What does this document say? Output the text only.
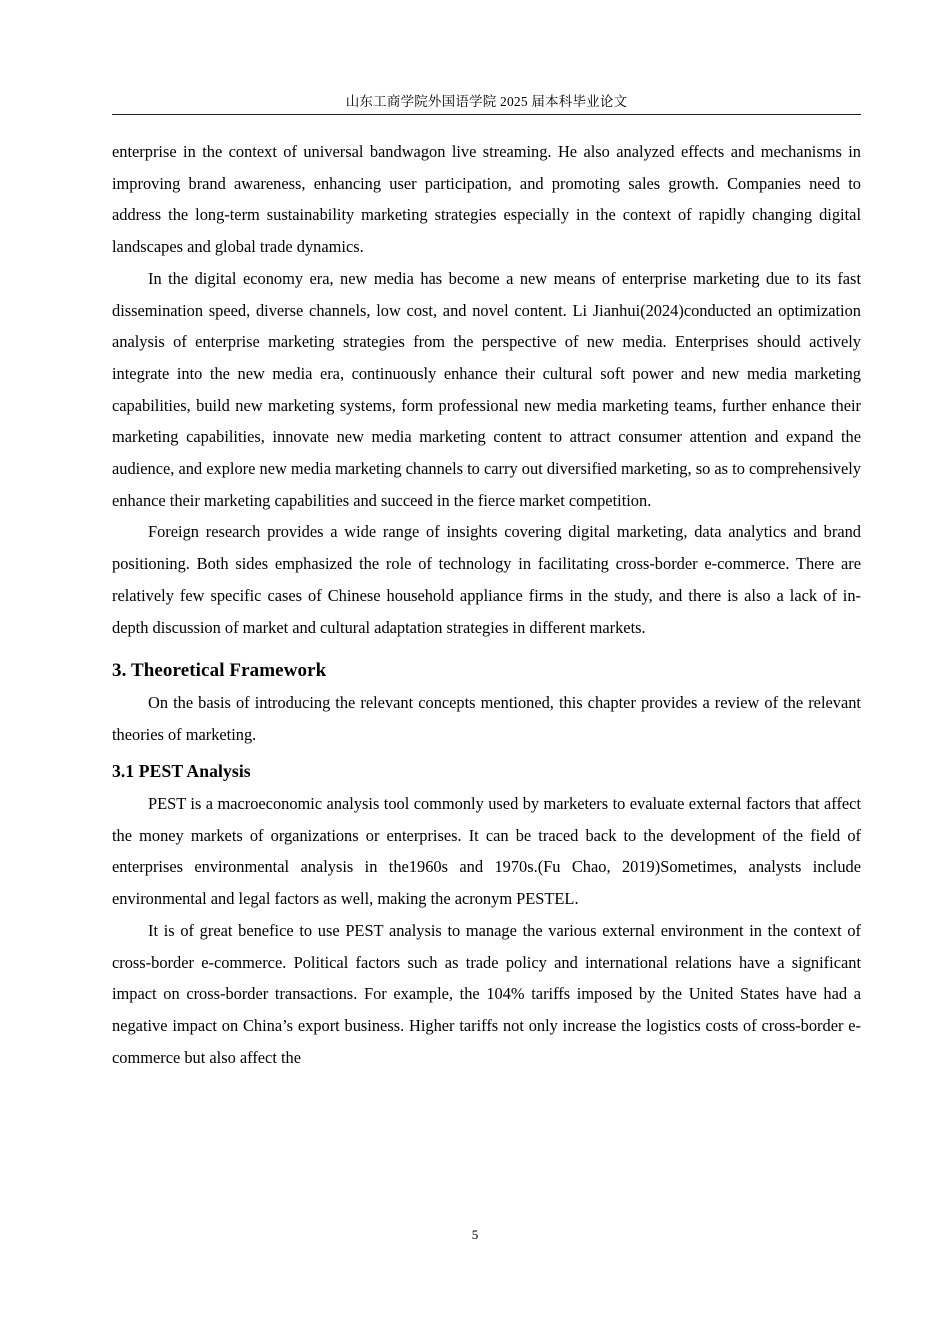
山东工商学院外国语学院 2025 届本科毕业论文

enterprise in the context of universal bandwagon live streaming. He also analyzed effects and mechanisms in improving brand awareness, enhancing user participation, and promoting sales growth. Companies need to address the long-term sustainability marketing strategies especially in the context of rapidly changing digital landscapes and global trade dynamics.

In the digital economy era, new media has become a new means of enterprise marketing due to its fast dissemination speed, diverse channels, low cost, and novel content. Li Jianhui(2024)conducted an optimization analysis of enterprise marketing strategies from the perspective of new media. Enterprises should actively integrate into the new media era, continuously enhance their cultural soft power and new media marketing capabilities, build new marketing systems, form professional new media marketing teams, further enhance their marketing capabilities, innovate new media marketing content to attract consumer attention and expand the audience, and explore new media marketing channels to carry out diversified marketing, so as to comprehensively enhance their marketing capabilities and succeed in the fierce market competition.

Foreign research provides a wide range of insights covering digital marketing, data analytics and brand positioning. Both sides emphasized the role of technology in facilitating cross-border e-commerce. There are relatively few specific cases of Chinese household appliance firms in the study, and there is also a lack of in-depth discussion of market and cultural adaptation strategies in different markets.

3. Theoretical Framework

On the basis of introducing the relevant concepts mentioned, this chapter provides a review of the relevant theories of marketing.

3.1 PEST Analysis

PEST is a macroeconomic analysis tool commonly used by marketers to evaluate external factors that affect the money markets of organizations or enterprises. It can be traced back to the development of the field of enterprises environmental analysis in the1960s and 1970s.(Fu Chao, 2019)Sometimes, analysts include environmental and legal factors as well, making the acronym PESTEL.

It is of great benefice to use PEST analysis to manage the various external environment in the context of cross-border e-commerce. Political factors such as trade policy and international relations have a significant impact on cross-border transactions. For example, the 104% tariffs imposed by the United States have had a negative impact on China’s export business. Higher tariffs not only increase the logistics costs of cross-border e-commerce but also affect the

5
